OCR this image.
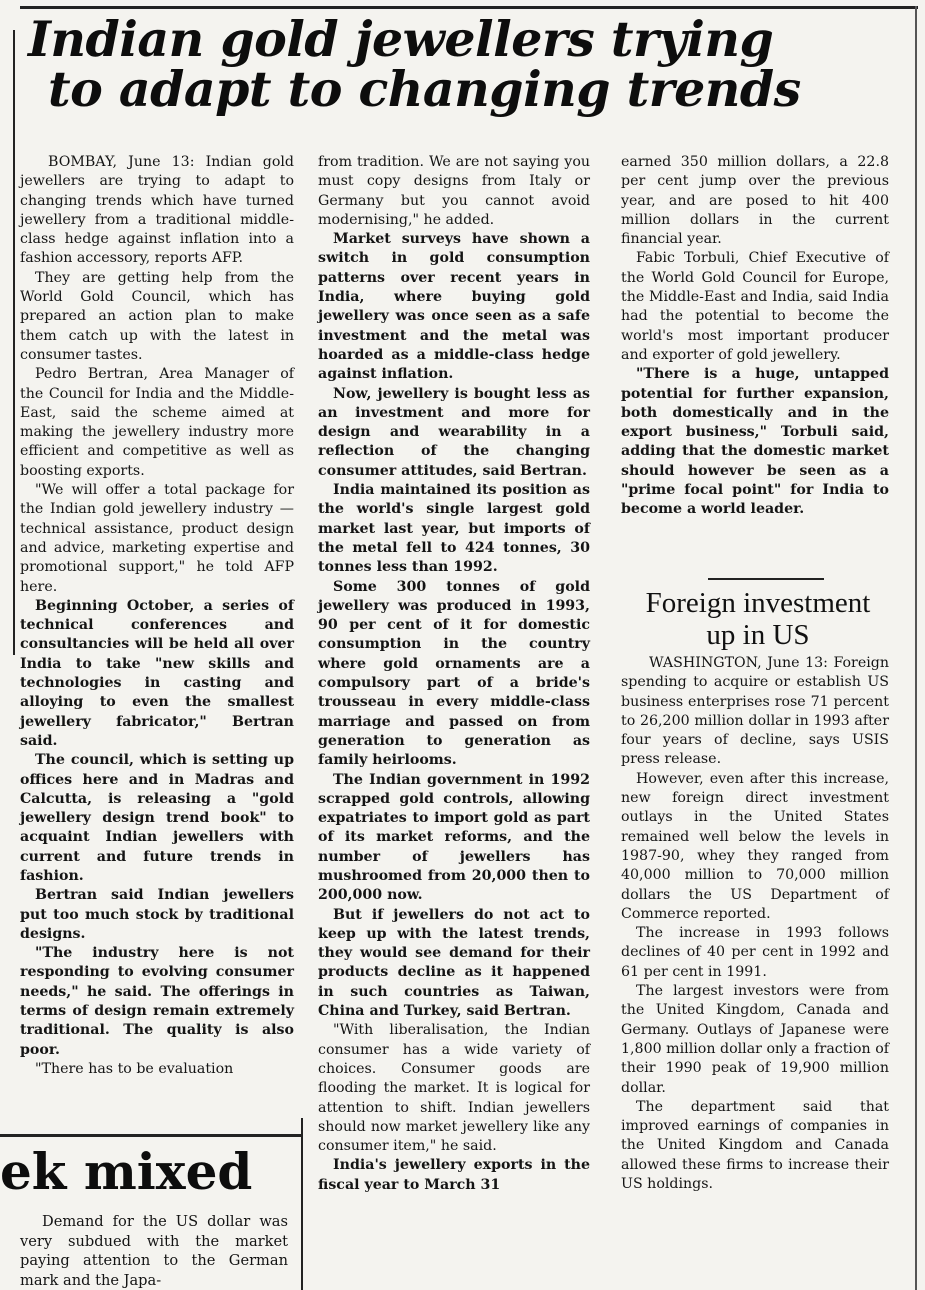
Indian gold jewellers trying
to adapt to changing trends

BOMBAY, June 13: Indian gold jewellers are trying to adapt to changing trends which have turned jewellery from a traditional middle-class hedge against inflation into a fashion accessory, reports AFP.

They are getting help from the World Gold Council, which has prepared an action plan to make them catch up with the latest in consumer tastes.

Pedro Bertran, Area Manager of the Council for India and the Middle-East, said the scheme aimed at making the jewellery industry more efficient and competitive as well as boosting exports.

"We will offer a total package for the Indian gold jewellery industry — technical assistance, product design and advice, marketing expertise and promotional support," he told AFP here.

Beginning October, a series of technical conferences and consultancies will be held all over India to take "new skills and technologies in casting and alloying to even the smallest jewellery fabricator," Bertran said.

The council, which is setting up offices here and in Madras and Calcutta, is releasing a "gold jewellery design trend book" to acquaint Indian jewellers with current and future trends in fashion.

Bertran said Indian jewellers put too much stock by traditional designs.

"The industry here is not responding to evolving consumer needs," he said. The offerings in terms of design remain extremely traditional. The quality is also poor.

"There has to be evaluation

from tradition. We are not saying you must copy designs from Italy or Germany but you cannot avoid modernising," he added.

Market surveys have shown a switch in gold consumption patterns over recent years in India, where buying gold jewellery was once seen as a safe investment and the metal was hoarded as a middle-class hedge against inflation.

Now, jewellery is bought less as an investment and more for design and wearability in a reflection of the changing consumer attitudes, said Bertran.

India maintained its position as the world's single largest gold market last year, but imports of the metal fell to 424 tonnes, 30 tonnes less than 1992.

Some 300 tonnes of gold jewellery was produced in 1993, 90 per cent of it for domestic consumption in the country where gold ornaments are a compulsory part of a bride's trousseau in every middle-class marriage and passed on from generation to generation as family heirlooms.

The Indian government in 1992 scrapped gold controls, allowing expatriates to import gold as part of its market reforms, and the number of jewellers has mushroomed from 20,000 then to 200,000 now.

But if jewellers do not act to keep up with the latest trends, they would see demand for their products decline as it happened in such countries as Taiwan, China and Turkey, said Bertran.

"With liberalisation, the Indian consumer has a wide variety of choices. Consumer goods are flooding the market. It is logical for attention to shift. Indian jewellers should now market jewellery like any consumer item," he said.

India's jewellery exports in the fiscal year to March 31

earned 350 million dollars, a 22.8 per cent jump over the previous year, and are posed to hit 400 million dollars in the current financial year.

Fabic Torbuli, Chief Executive of the World Gold Council for Europe, the Middle-East and India, said India had the potential to become the world's most important producer and exporter of gold jewellery.

"There is a huge, untapped potential for further expansion, both domestically and in the export business," Torbuli said, adding that the domestic market should however be seen as a "prime focal point" for India to become a world leader.

Foreign investment
up in US

WASHINGTON, June 13: Foreign spending to acquire or establish US business enterprises rose 71 percent to 26,200 million dollar in 1993 after four years of decline, says USIS press release.

However, even after this increase, new foreign direct investment outlays in the United States remained well below the levels in 1987-90, whey they ranged from 40,000 million to 70,000 million dollars the US Department of Commerce reported.

The increase in 1993 follows declines of 40 per cent in 1992 and 61 per cent in 1991.

The largest investors were from the United Kingdom, Canada and Germany. Outlays of Japanese were 1,800 million dollar only a fraction of their 1990 peak of 19,900 million dollar.

The department said that improved earnings of companies in the United Kingdom and Canada allowed these firms to increase their US holdings.

ek mixed

Demand for the US dollar was very subdued with the market paying attention to the German mark and the Japa-
